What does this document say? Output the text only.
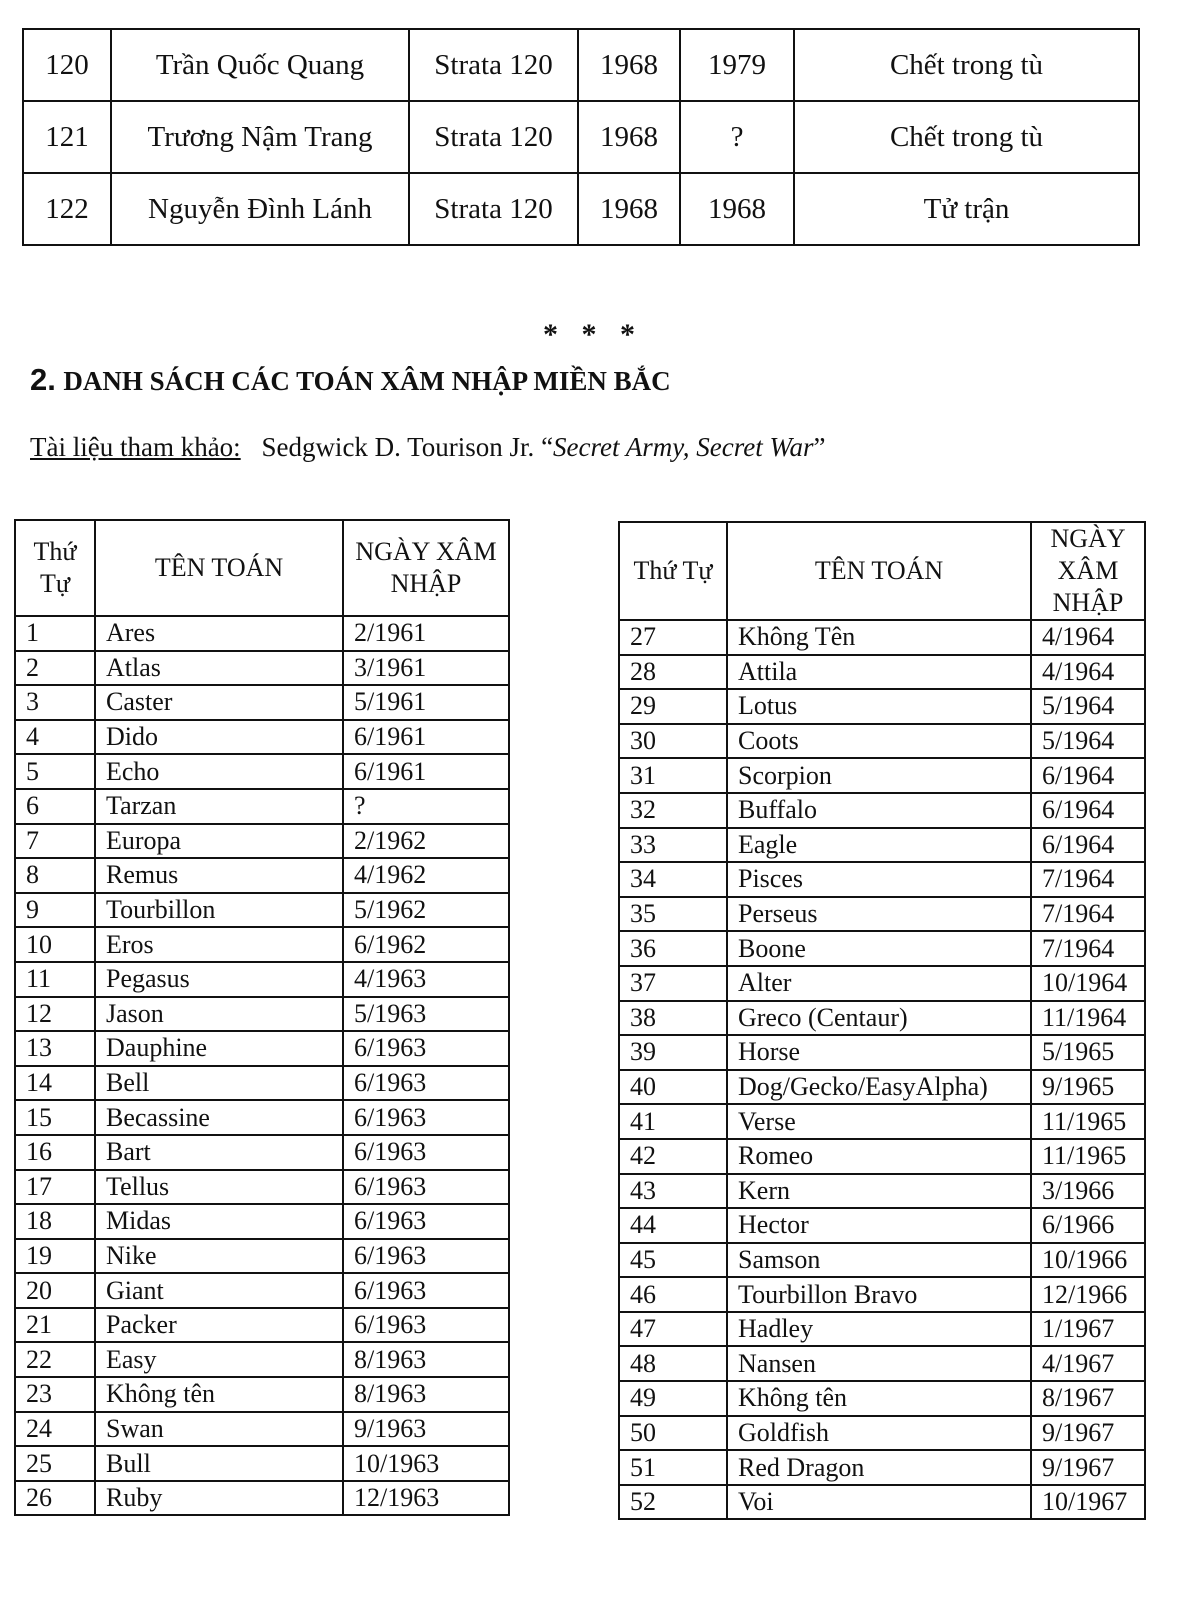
120	Trần Quốc Quang	Strata 120	1968	1979	Chết trong tù
121	Trương Nậm Trang	Strata 120	1968	?	Chết trong tù
122	Nguyễn Đình Lánh	Strata 120	1968	1968	Tử trận
* * *
2. DANH SÁCH CÁC TOÁN XÂM NHẬP MIỀN BẮC
Tài liệu tham khảo: Sedgwick D. Tourison Jr. “Secret Army, Secret War”
Thứ Tự	TÊN TOÁN	NGÀY XÂM NHẬP
1	Ares	2/1961
2	Atlas	3/1961
3	Caster	5/1961
4	Dido	6/1961
5	Echo	6/1961
6	Tarzan	?
7	Europa	2/1962
8	Remus	4/1962
9	Tourbillon	5/1962
10	Eros	6/1962
11	Pegasus	4/1963
12	Jason	5/1963
13	Dauphine	6/1963
14	Bell	6/1963
15	Becassine	6/1963
16	Bart	6/1963
17	Tellus	6/1963
18	Midas	6/1963
19	Nike	6/1963
20	Giant	6/1963
21	Packer	6/1963
22	Easy	8/1963
23	Không tên	8/1963
24	Swan	9/1963
25	Bull	10/1963
26	Ruby	12/1963
Thứ Tự	TÊN TOÁN	NGÀY XÂM NHẬP
27	Không Tên	4/1964
28	Attila	4/1964
29	Lotus	5/1964
30	Coots	5/1964
31	Scorpion	6/1964
32	Buffalo	6/1964
33	Eagle	6/1964
34	Pisces	7/1964
35	Perseus	7/1964
36	Boone	7/1964
37	Alter	10/1964
38	Greco (Centaur)	11/1964
39	Horse	5/1965
40	Dog/Gecko/EasyAlpha)	9/1965
41	Verse	11/1965
42	Romeo	11/1965
43	Kern	3/1966
44	Hector	6/1966
45	Samson	10/1966
46	Tourbillon Bravo	12/1966
47	Hadley	1/1967
48	Nansen	4/1967
49	Không tên	8/1967
50	Goldfish	9/1967
51	Red Dragon	9/1967
52	Voi	10/1967
